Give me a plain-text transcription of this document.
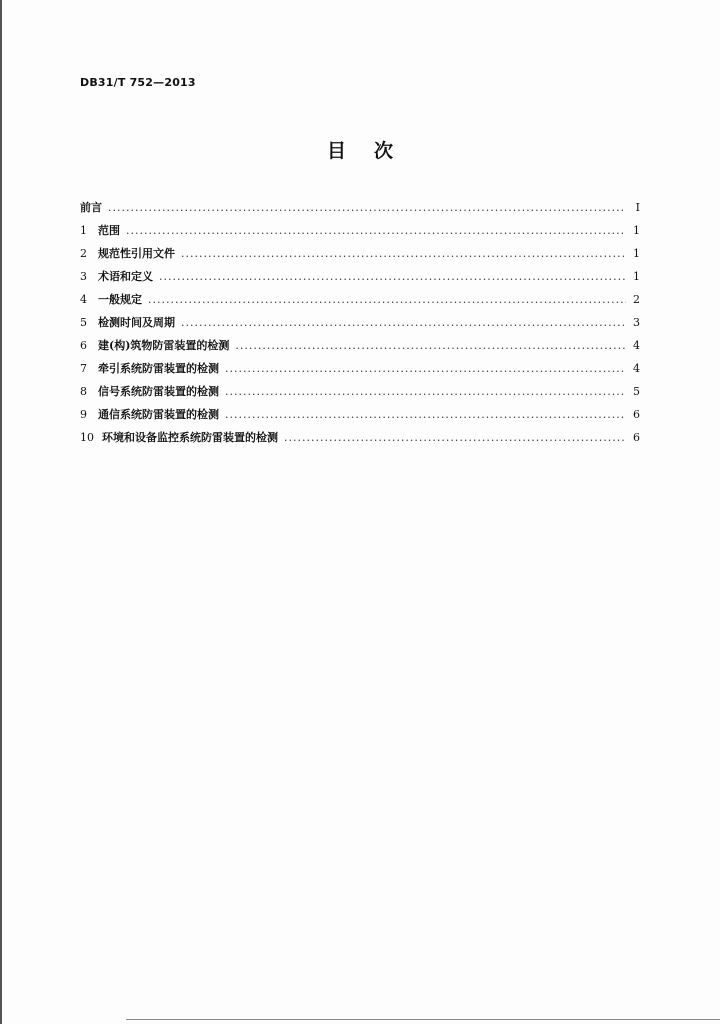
DB31/T 752—2013
目 次
前言 .....	Ⅰ
1	范围 .....	1
2	规范性引用文件 .....	1
3	术语和定义 .....	1
4	一般规定 .....	2
5	检测时间及周期 .....	3
6	建(构)筑物防雷装置的检测 .....	4
7	牵引系统防雷装置的检测 .....	4
8	信号系统防雷装置的检测 .....	5
9	通信系统防雷装置的检测 .....	6
10 环境和设备监控系统防雷装置的检测 .....	6
